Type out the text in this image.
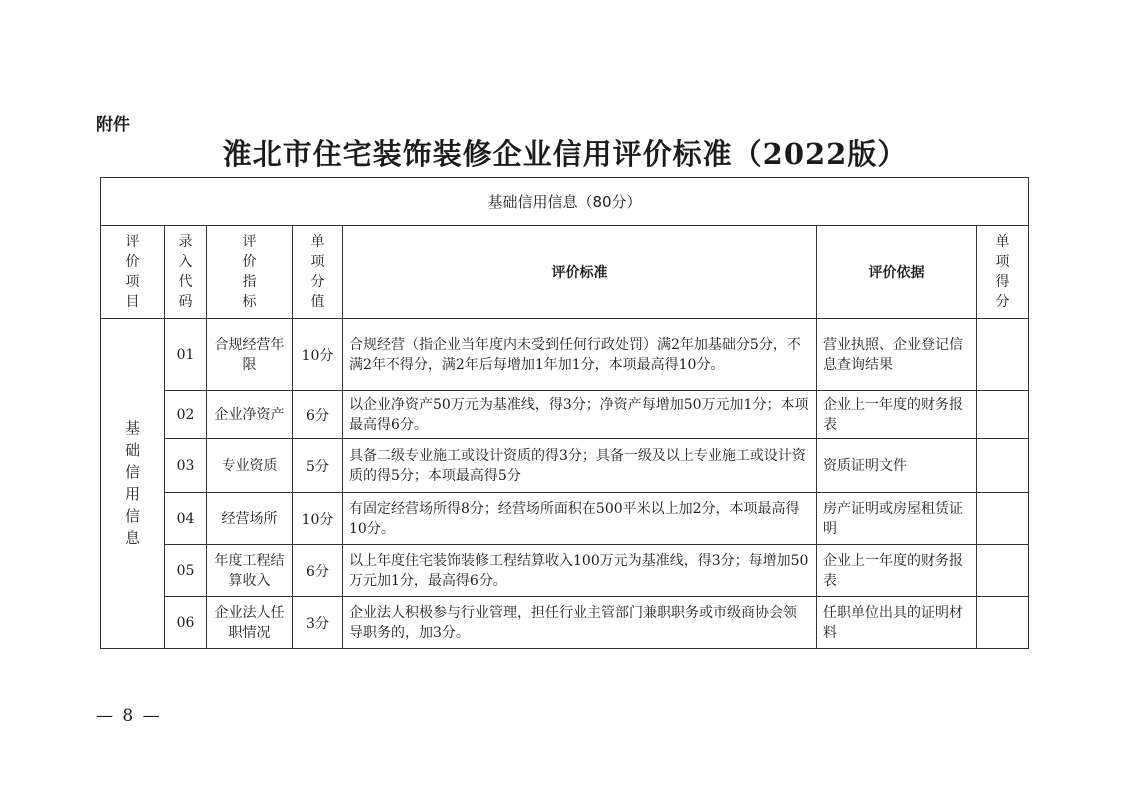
附件
淮北市住宅装饰装修企业信用评价标准（2022版）
基础信用信息（80分）						
评价项目	录入代码	评价指标	单项分值	评价标准	评价依据	单项得分
基础信用信息	01	合规经营年限	10分	合规经营（指企业当年度内未受到任何行政处罚）满2年加基础分5分，不满2年不得分，满2年后每增加1年加1分，本项最高得10分。	营业执照、企业登记信息查询结果	
	02	企业净资产	6分	以企业净资产50万元为基准线，得3分；净资产每增加50万元加1分；本项最高得6分。	企业上一年度的财务报表	
	03	专业资质	5分	具备二级专业施工或设计资质的得3分；具备一级及以上专业施工或设计资质的得5分；本项最高得5分	资质证明文件	
	04	经营场所	10分	有固定经营场所得8分；经营场所面积在500平米以上加2分，本项最高得10分。	房产证明或房屋租赁证明	
	05	年度工程结算收入	6分	以上年度住宅装饰装修工程结算收入100万元为基准线，得3分；每增加50万元加1分，最高得6分。	企业上一年度的财务报表	
	06	企业法人任职情况	3分	企业法人积极参与行业管理，担任行业主管部门兼职职务或市级商协会领导职务的，加3分。	任职单位出具的证明材料	
— 8 —
